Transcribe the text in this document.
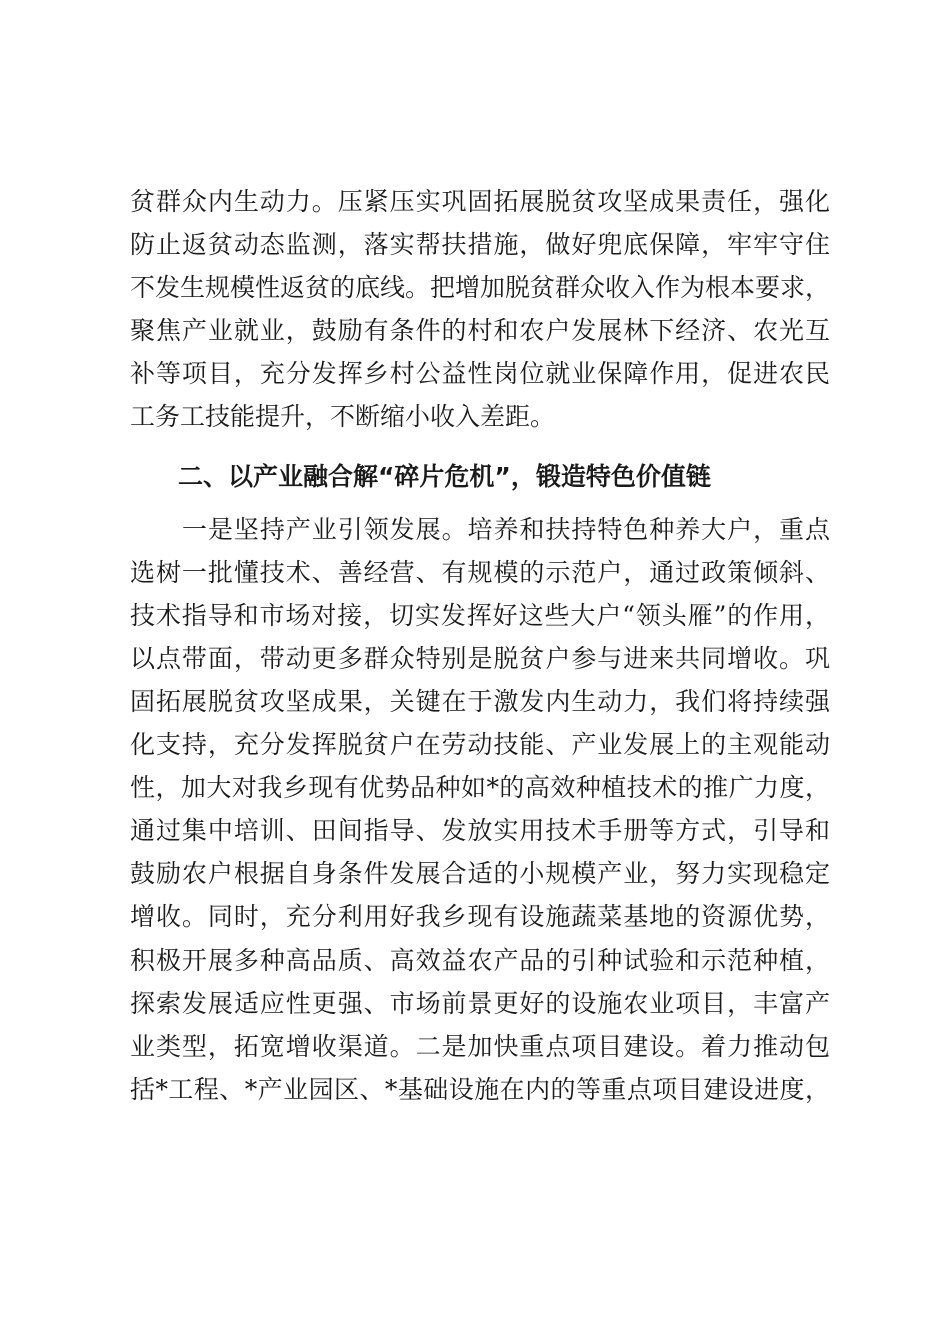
贫群众内生动力。压紧压实巩固拓展脱贫攻坚成果责任，强化
防止返贫动态监测，落实帮扶措施，做好兜底保障，牢牢守住
不发生规模性返贫的底线。把增加脱贫群众收入作为根本要求，
聚焦产业就业，鼓励有条件的村和农户发展林下经济、农光互
补等项目，充分发挥乡村公益性岗位就业保障作用，促进农民
工务工技能提升，不断缩小收入差距。
二、以产业融合解“碎片危机”，锻造特色价值链
一是坚持产业引领发展。培养和扶持特色种养大户，重点
选树一批懂技术、善经营、有规模的示范户，通过政策倾斜、
技术指导和市场对接，切实发挥好这些大户“领头雁”的作用，
以点带面，带动更多群众特别是脱贫户参与进来共同增收。巩
固拓展脱贫攻坚成果，关键在于激发内生动力，我们将持续强
化支持，充分发挥脱贫户在劳动技能、产业发展上的主观能动
性，加大对我乡现有优势品种如*的高效种植技术的推广力度，
通过集中培训、田间指导、发放实用技术手册等方式，引导和
鼓励农户根据自身条件发展合适的小规模产业，努力实现稳定
增收。同时，充分利用好我乡现有设施蔬菜基地的资源优势，
积极开展多种高品质、高效益农产品的引种试验和示范种植，
探索发展适应性更强、市场前景更好的设施农业项目，丰富产
业类型，拓宽增收渠道。二是加快重点项目建设。着力推动包
括*工程、*产业园区、*基础设施在内的等重点项目建设进度，
